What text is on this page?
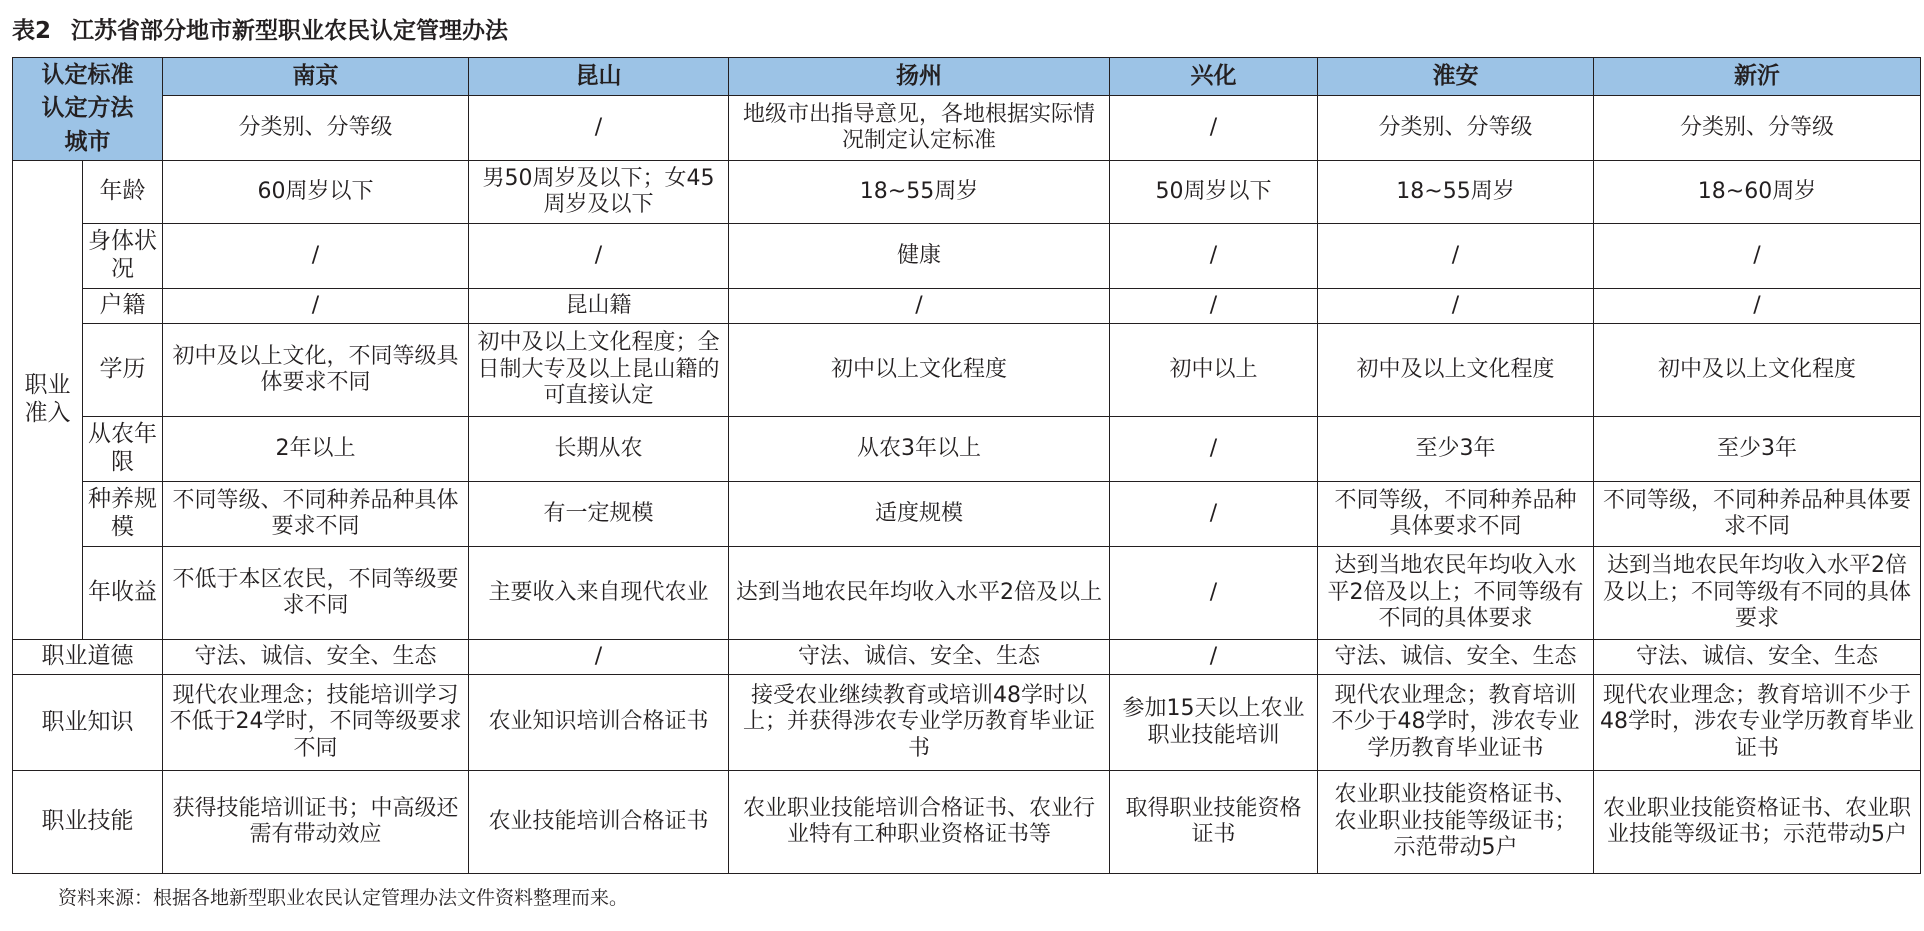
表2 江苏省部分地市新型职业农民认定管理办法
认定标准
认定方法
城市		南京	昆山	扬州	兴化	淮安	新沂
		分类别、分等级	/	地级市出指导意见，各地根据实际情况制定认定标准	/	分类别、分等级	分类别、分等级
职业准入	年龄	60周岁以下	男50周岁及以下；女45周岁及以下	18~55周岁	50周岁以下	18~55周岁	18~60周岁
	身体状况	/	/	健康	/	/	/
	户籍	/	昆山籍	/	/	/	/
	学历	初中及以上文化，不同等级具体要求不同	初中及以上文化程度；全日制大专及以上昆山籍的可直接认定	初中以上文化程度	初中以上	初中及以上文化程度	初中及以上文化程度
	从农年限	2年以上	长期从农	从农3年以上	/	至少3年	至少3年
	种养规模	不同等级、不同种养品种具体要求不同	有一定规模	适度规模	/	不同等级，不同种养品种具体要求不同	不同等级，不同种养品种具体要求不同
	年收益	不低于本区农民，不同等级要求不同	主要收入来自现代农业	达到当地农民年均收入水平2倍及以上	/	达到当地农民年均收入水平2倍及以上；不同等级有不同的具体要求	达到当地农民年均收入水平2倍及以上；不同等级有不同的具体要求
职业道德		守法、诚信、安全、生态	/	守法、诚信、安全、生态	/	守法、诚信、安全、生态	守法、诚信、安全、生态
职业知识		现代农业理念；技能培训学习不低于24学时，不同等级要求不同	农业知识培训合格证书	接受农业继续教育或培训48学时以上；并获得涉农专业学历教育毕业证书	参加15天以上农业职业技能培训	现代农业理念；教育培训不少于48学时，涉农专业学历教育毕业证书	现代农业理念；教育培训不少于48学时，涉农专业学历教育毕业证书
职业技能		获得技能培训证书；中高级还需有带动效应	农业技能培训合格证书	农业职业技能培训合格证书、农业行业特有工种职业资格证书等	取得职业技能资格证书	农业职业技能资格证书、农业职业技能等级证书；示范带动5户	农业职业技能资格证书、农业职业技能等级证书；示范带动5户
资料来源：根据各地新型职业农民认定管理办法文件资料整理而来。
